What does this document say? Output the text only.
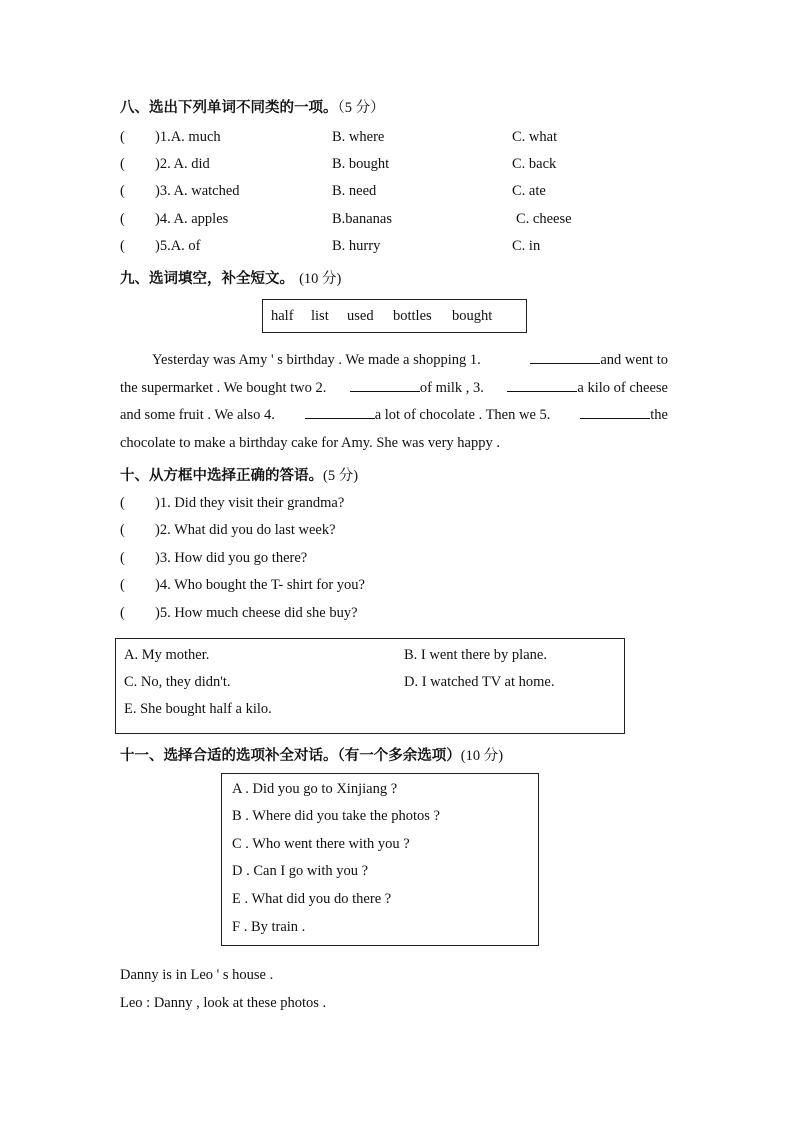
八、选出下列单词不同类的一项。（5 分）
( )1.A. much	B. where	C. what
( )2. A. did	B. bought	C. back
( )3. A. watched	B. need	C. ate
( )4. A. apples	B.bananas	C. cheese
( )5.A. of	B. hurry	C. in
九、选词填空，补全短文。 (10 分)
half list used bottles bought
Yesterday was Amy ' s birthday . We made a shopping 1.	and went to
the supermarket . We bought two 2.	of milk , 3.	a kilo of cheese
and some fruit . We also 4.	a lot of chocolate . Then we 5.	the
chocolate to make a birthday cake for Amy. She was very happy .
十、从方框中选择正确的答语。(5 分)
( )1. Did they visit their grandma?
( )2. What did you do last week?
( )3. How did you go there?
( )4. Who bought the T- shirt for you?
( )5. How much cheese did she buy?
A. My mother.	B. I went there by plane.
C. No, they didn't.	D. I watched TV at home.
E. She bought half a kilo.
十一、选择合适的选项补全对话。（有一个多余选项）(10 分)
A . Did you go to Xinjiang ?
B . Where did you take the photos ?
C . Who went there with you ?
D . Can I go with you ?
E . What did you do there ?
F . By train .
Danny is in Leo ' s house .
Leo : Danny , look at these photos .
